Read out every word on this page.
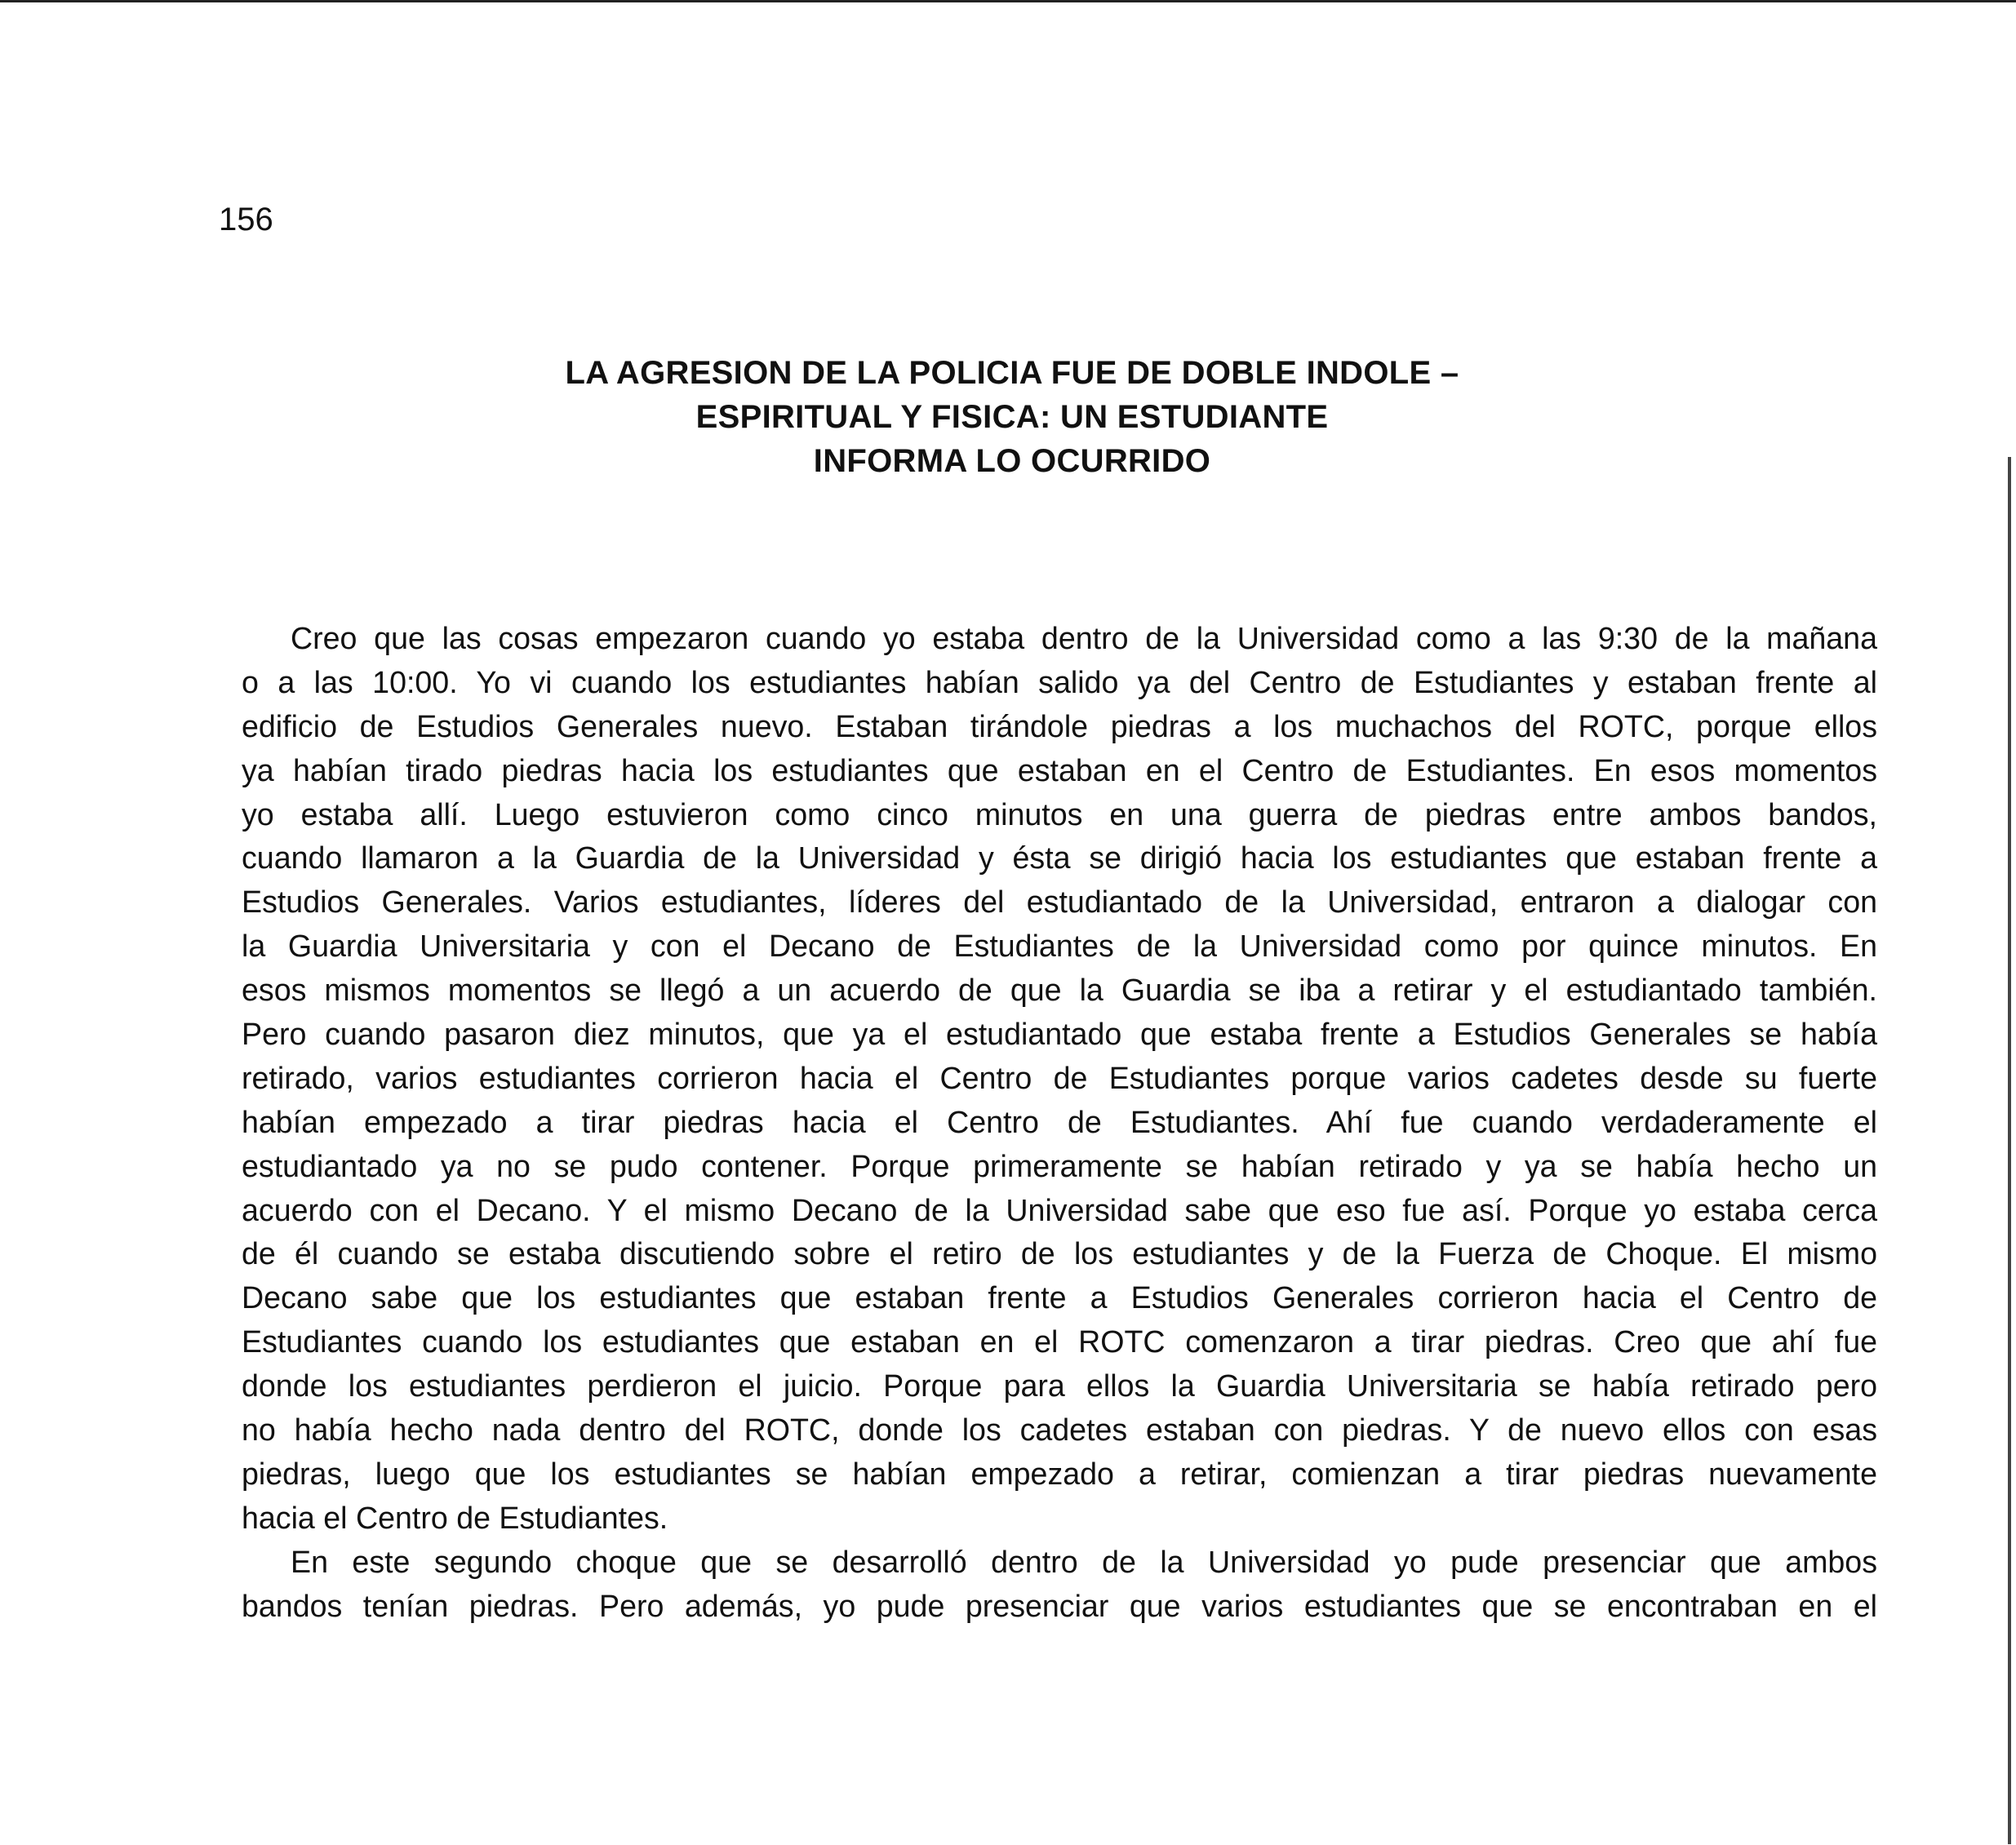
156
LA AGRESION DE LA POLICIA FUE DE DOBLE INDOLE –
ESPIRITUAL Y FISICA: UN ESTUDIANTE
INFORMA LO OCURRIDO
Creo que las cosas empezaron cuando yo estaba dentro de la Universidad como a las 9:30 de la mañana
o a las 10:00. Yo vi cuando los estudiantes habían salido ya del Centro de Estudiantes y estaban frente al
edificio de Estudios Generales nuevo. Estaban tirándole piedras a los muchachos del ROTC, porque ellos
ya habían tirado piedras hacia los estudiantes que estaban en el Centro de Estudiantes. En esos momentos
yo estaba allí. Luego estuvieron como cinco minutos en una guerra de piedras entre ambos bandos,
cuando llamaron a la Guardia de la Universidad y ésta se dirigió hacia los estudiantes que estaban frente a
Estudios Generales. Varios estudiantes, líderes del estudiantado de la Universidad, entraron a dialogar con
la Guardia Universitaria y con el Decano de Estudiantes de la Universidad como por quince minutos. En
esos mismos momentos se llegó a un acuerdo de que la Guardia se iba a retirar y el estudiantado también.
Pero cuando pasaron diez minutos, que ya el estudiantado que estaba frente a Estudios Generales se había
retirado, varios estudiantes corrieron hacia el Centro de Estudiantes porque varios cadetes desde su fuerte
habían empezado a tirar piedras hacia el Centro de Estudiantes. Ahí fue cuando verdaderamente el
estudiantado ya no se pudo contener. Porque primeramente se habían retirado y ya se había hecho un
acuerdo con el Decano. Y el mismo Decano de la Universidad sabe que eso fue así. Porque yo estaba cerca
de él cuando se estaba discutiendo sobre el retiro de los estudiantes y de la Fuerza de Choque. El mismo
Decano sabe que los estudiantes que estaban frente a Estudios Generales corrieron hacia el Centro de
Estudiantes cuando los estudiantes que estaban en el ROTC comenzaron a tirar piedras. Creo que ahí fue
donde los estudiantes perdieron el juicio. Porque para ellos la Guardia Universitaria se había retirado pero
no había hecho nada dentro del ROTC, donde los cadetes estaban con piedras. Y de nuevo ellos con esas
piedras, luego que los estudiantes se habían empezado a retirar, comienzan a tirar piedras nuevamente
hacia el Centro de Estudiantes.
En este segundo choque que se desarrolló dentro de la Universidad yo pude presenciar que ambos
bandos tenían piedras. Pero además, yo pude presenciar que varios estudiantes que se encontraban en el
